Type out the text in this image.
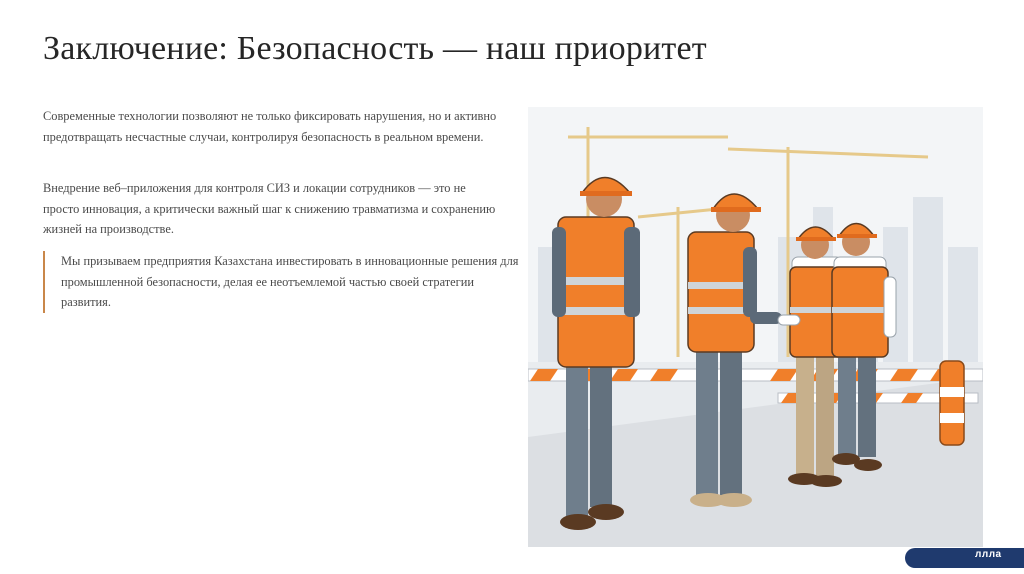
Заключение: Безопасность — наш приоритет
Современные технологии позволяют не только фиксировать нарушения, но и активно предотвращать несчастные случаи, контролируя безопасность в реальном времени.
Внедрение веб–приложения для контроля СИЗ и локации сотрудников — это не просто инновация, а критически важный шаг к снижению травматизма и сохранению жизней на производстве.
Мы призываем предприятия Казахстана инвестировать в инновационные решения для промышленной безопасности, делая ее неотъемлемой частью своей стратегии развития.
ллла
